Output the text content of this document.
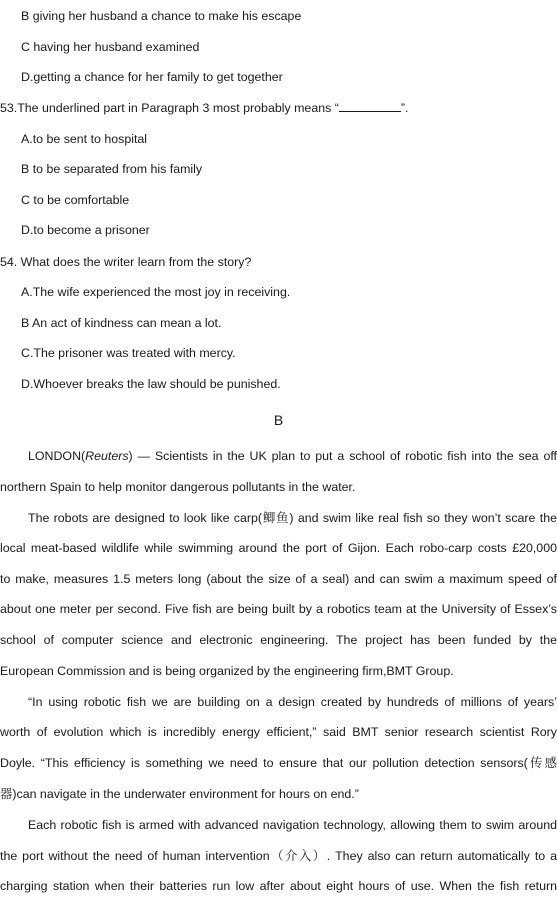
B giving her husband a chance to make his escape
C having her husband examined
D.getting a chance for her family to get together
53.The underlined part in Paragraph 3 most probably means “	”.
A.to be sent to hospital
B to be separated from his family
C to be comfortable
D.to become a prisoner
54. What does the writer learn from the story?
A.The wife experienced the most joy in receiving.
B An act of kindness can mean a lot.
C.The prisoner was treated with mercy.
D.Whoever breaks the law should be punished.
B
LONDON(Reuters) — Scientists in the UK plan to put a school of robotic fish into the sea off
northern Spain to help monitor dangerous pollutants in the water.
The robots are designed to look like carp(鲫鱼) and swim like real fish so they won’t scare the
local meat-based wildlife while swimming around the port of Gijon. Each robo-carp costs £20,000
to make, measures 1.5 meters long (about the size of a seal) and can swim a maximum speed of
about one meter per second. Five fish are being built by a robotics team at the University of Essex’s
school of computer science and electronic engineering. The project has been funded by the
European Commission and is being organized by the engineering firm,BMT Group.
“In using robotic fish we are building on a design created by hundreds of millions of years’
worth of evolution which is incredibly energy efficient,” said BMT senior research scientist Rory
Doyle. “This efficiency is something we need to ensure that our pollution detection sensors(传感
器)can navigate in the underwater environment for hours on end.”
Each robotic fish is armed with advanced navigation technology, allowing them to swim around
the port without the need of human intervention（介入）. They also can return automatically to a
charging station when their batteries run low after about eight hours of use. When the fish return
